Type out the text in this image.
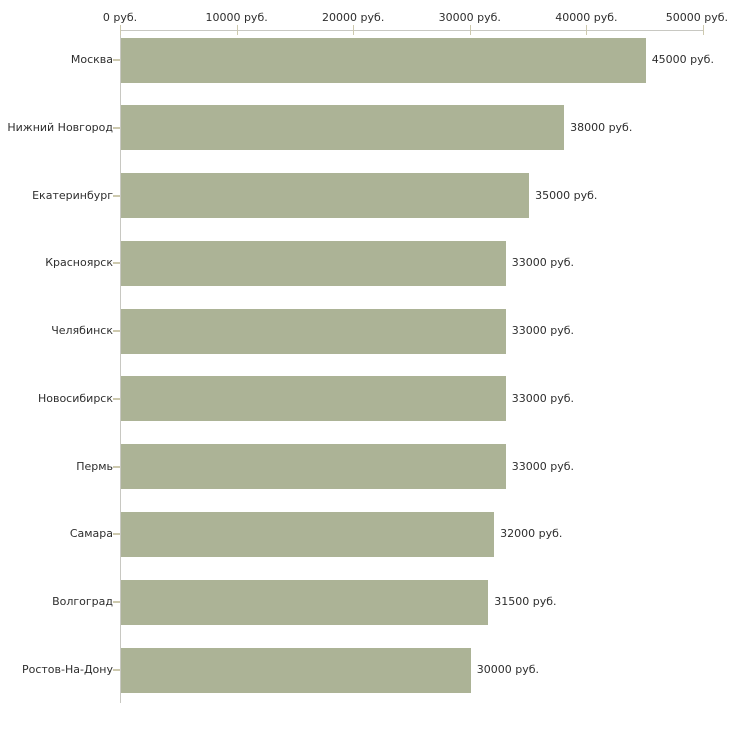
0 руб.	10000 руб.	20000 руб.	30000 руб.	40000 руб.	50000 руб.
Москва	45000 руб.
Нижний Новгород	38000 руб.
Екатеринбург	35000 руб.
Красноярск	33000 руб.
Челябинск	33000 руб.
Новосибирск	33000 руб.
Пермь	33000 руб.
Самара	32000 руб.
Волгоград	31500 руб.
Ростов-На-Дону	30000 руб.
